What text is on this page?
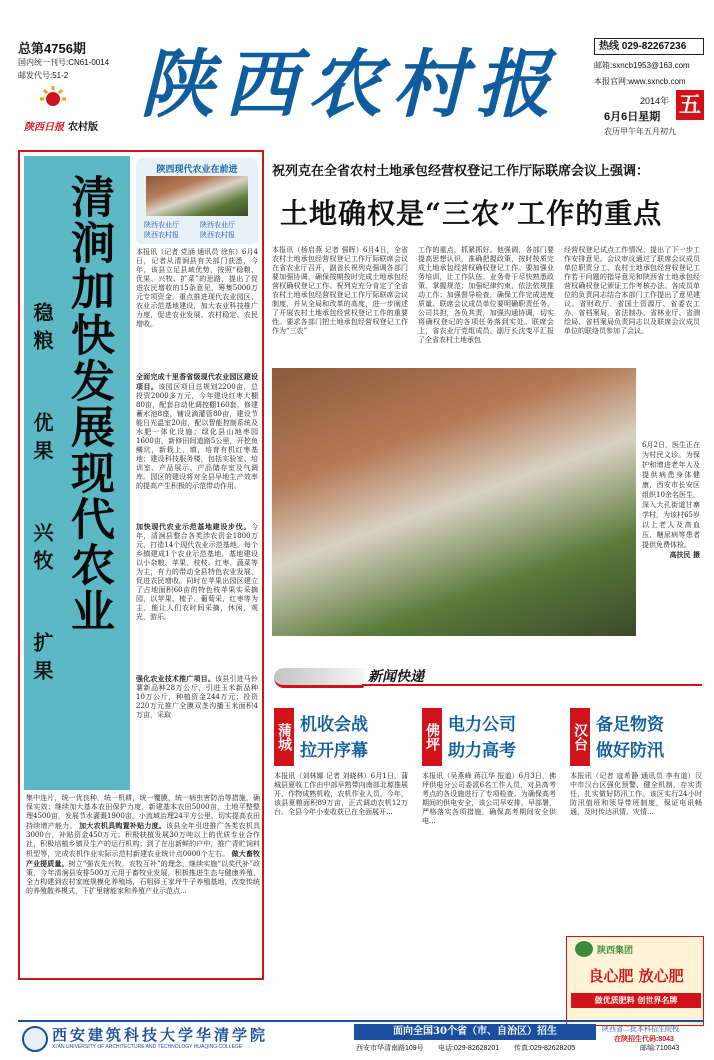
总第4756期
国内统一刊号:CN61-0014
邮发代号:51-2
陕西日报 农村版 陕西农村报	热线 029-82267236
邮箱:sxncb1953@163.com
本报官网:www.sxncb.com
2014年
6月6日星期 五
农历甲午年五月初九
清涧加快发展现代农业
稳粮
优果
兴牧
扩果
陕西现代农业在前进
陕西农业厅	陕西农业厅
陕西农村报	陕西农村报
本报讯（记者 党涵 通讯员 徐东）6月4日，记者从清涧县有关部门获悉，今年，该县立足县域优势，按照“稳粮、优果、兴牧、扩菜”的思路，提出了促进农民增收的15条意见，筹集5000万元专项资金，重点推进现代农业园区、农业示范基地建设，加大农业科技推广力度，促进农业发展、农村稳定、农民增收。
全面完成十里香省级现代农业园区建设项目。该园区项目总规划2200亩，总投资2000多万元，今年建设红枣大棚80亩，配套自动化调控棚160套，修建蓄水池8座，铺设滴灌管80亩，建设节能日光温室20亩，配以智能控制系统及水肥一体化设施；绿化县山地枣园1600亩，新修田间道路5公里，开挖鱼鳞坑，新栽上、填，培育有机红枣基地；建设科技服务楼，包括实验室、培训室、产品展示、产品储存室及气调库。园区的建设将对全县早地生产效率的提高产生积极的示范带动作用。
加快现代农业示范基地建设步伐。今年，清涧县整合各类涉农资金1800万元，打造14个现代农业示范基地，每个乡镇建成1个农业示范基地，基地建设以小杂粮、苹果、枝枝、红枣、蔬菜等为主，有力的带动全县特色农业发展，促进农民增收。同时在苹果出园区建立了占地面积60亩的特色枝苹果实采摘园，以苹果、梳子、葡萄采，红枣等为主，能让人们农时间采摘，休闲，观光，游乐。
强化农业技术推广项目。该县引进马铃薯新品种28万公斤，引进玉米新品种10万公斤，种植资金244万元；投资220万元推广全膜双垄沟播玉米面积4万亩，采取
集中连片，统一优良种，统一机耕，统一覆膜，统一病虫害防治等措施，确保实效；继续加大基本农田保护力度，新建基本农田5000亩，土地平整整理4500亩，发展节水灌溉1900亩，小流域治理24平方公里，切实提高农田持续增产能力。 加大农机具购置补贴力度。该县全年引进推广各类农机具3000台，补贴资金450万元；积极扶植发展30万吨以上的优质专业合作社，积极培植乡镇及生产的运行机构；到了在出新鲜的户中，推广青贮饲料机型等，完成农机作业实际示范村新建农业统计点0000个左右。 做大畜牧产业提质量。树立“强农先兴牧，农牧互补”的理念，继续实施“以奖代补”政策，今年清涧县安排500万元用于畜牧业发展，积极推进生态与健康养殖，全力构建到农村家庭规模化养殖场，石咀驿王家坪牛子养殖基地，改变传统的养殖散养模式，下扩里辖能家和养殖产业示范点...
祝列克在全省农村土地承包经营权登记工作厅际联席会议上强调：
土地确权是“三农”工作的重点
本报讯（杨启燕 记者 强晖）6月4日，全省农村土地承包经营权登记工作厅际联席会议在省农业厅召开，副省长祝列克强调各部门要加强协调，确保按期按时完成土地承包经营权确权登记工作。祝列克充分肯定了全省农村土地承包经营权登记工作厅际联席会议制度，并从全局和改革的高度，进一步阐述了开展农村土地承包经营权登记工作的重要性。要求各部门把土地承包经营权登记工作作为“三农”
工作的重点，抓紧抓好。他强调，各部门要提高思想认识，准确把握政策，按时按质完成土地承包经营权确权登记工作。要加强业务培训，让工作队伍、业务骨干尽快熟悉政策、掌握规范；加强纪律约束，依法依规推动工作；加强督导检查，确保工作完成进度质量。联席会议成员单位要明确职责任务，公司共担，各负其责，加强沟通协调，切实将确权登记的各项任务落到实处。联席会上，省农业厅党组成员、副厅长沈变平汇报了全省农村土地承包
经营权登记试点工作情况，提出了下一步工作安排意见。会议审议通过了联席会议成员单位职责分工、农村土地承包经营权登记工作若干问题的指导意见和陕西省土地承包经营权确权登记颁证工作考核办法。各成员单位的负责同志结合本部门工作提出了意见建议。省财政厅、省国土资源厅、省委农工办、省档案局、省法制办、省林业厅、省测绘局、省档案局负责同志以及联席会议成员单位的联络员参加了会议。
6月2日，医生正在为村民义诊。为保护和增进老年人及提供病患身体健康，西安市长安区组织10余名医生，深入大孔街道甘寨学村，为该村65岁以上老人及高血压、糖尿病等患者提供免费体检。
高扶民 摄
新闻快递
蒲城 机收会战
拉开序幕
本报讯（刘林娜 记者 刘晓林）6月1日，蒲城县夏收工作由中部早熟带向南部北塬推展开，作物成熟机收，农机作业人员。今年，该县夏粮面积89万亩，正式调动农机12万台。全县今年小麦收获已在全面展开...
佛坪 电力公司
助力高考
本报讯（吴燕峰 蒋江华 报道）6月3日，佛坪供电分公司委派6名工作人员，对县高考考点的各设施进行了专项检查。为确保高考期间的供电安全，该公司早安排，早部署，严格落实各项措施，确保高考期间安全供电...
汉台 备足物资
做好防汛
本报讯（记者 寇希静 通讯员 李有道）汉中市汉台区强化预警，健全机制，存实责任，扎实做好防汛工作。该区实行24小时防汛值班和领导带班制度，保证电讯畅通，及时传达汛情、灾情...
陕西集团
良心肥 放心肥
做优质肥料 创世界名牌
西安建筑科技大学华清学院
XI'AN UNIVERSITY OF ARCHITECTURE AND TECHNOLOGY HUAQING COLLEGE
面向全国30个省（市、自治区）招生
西安市华清南路109号 电话:029-82628201 传真:029-82628205	邮编:710043
陕西省二批本科招生院校
在陕招生代码:8043
